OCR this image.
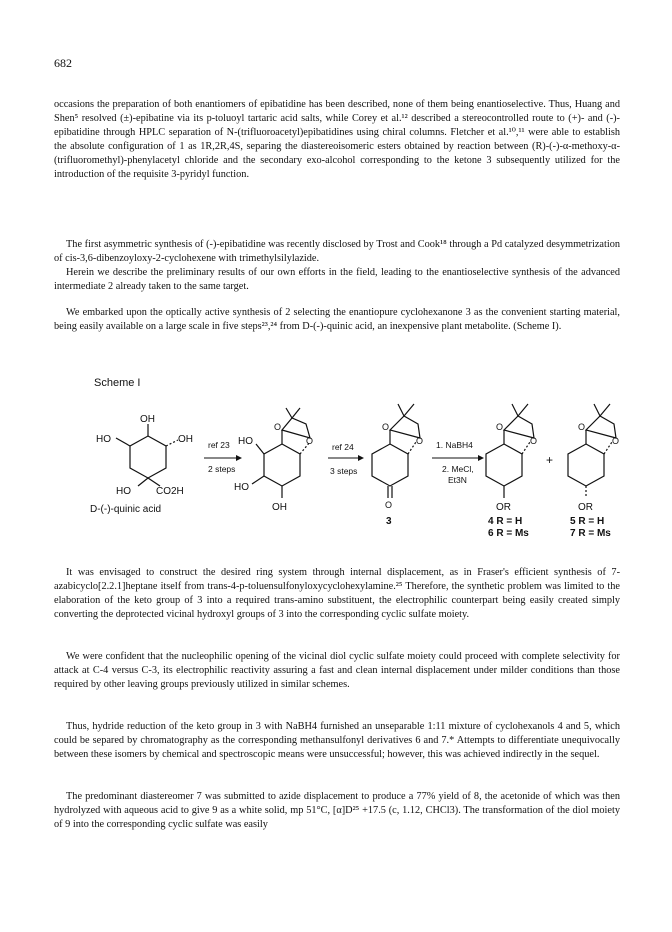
682

occasions the preparation of both enantiomers of epibatidine has been described, none of them being enantioselective. Thus, Huang and Shen⁵ resolved (±)-epibatine via its p-toluoyl tartaric acid salts, while Corey et al.¹² described a stereocontrolled route to (+)- and (-)-epibatidine through HPLC separation of N-(trifluoroacetyl)epibatidines using chiral columns. Fletcher et al.¹⁰,¹¹ were able to establish the absolute configuration of 1 as 1R,2R,4S, separing the diastereoisomeric esters obtained by reaction between (R)-(-)-α-methoxy-α-(trifluoromethyl)-phenylacetyl chloride and the secondary exo-alcohol corresponding to the ketone 3 subsequently utilized for the introduction of the requisite 3-pyridyl function.

The first asymmetric synthesis of (-)-epibatidine was recently disclosed by Trost and Cook¹⁸ through a Pd catalyzed desymmetrization of cis-3,6-dibenzoyloxy-2-cyclohexene with trimethylsilylazide.

Herein we describe the preliminary results of our own efforts in the field, leading to the enantioselective synthesis of the advanced intermediate 2 already taken to the same target.

We embarked upon the optically active synthesis of 2 selecting the enantiopure cyclohexanone 3 as the convenient starting material, being easily available on a large scale in five steps²³,²⁴ from D-(-)-quinic acid, an inexpensive plant metabolite. (Scheme I).

Scheme I
OH
HO	OH
HO	CO2H
D-(-)-quinic acid
ref 23
2 steps
O
O
HO
HO
OH
ref 24
3 steps
O
O
O
3
1. NaBH4
2. MeCl,
Et3N
O
O
OR
4 R = H
6 R = Ms
+
O
O
OR
5 R = H
7 R = Ms

It was envisaged to construct the desired ring system through internal displacement, as in Fraser's efficient synthesis of 7-azabicyclo[2.2.1]heptane itself from trans-4-p-toluensulfonyloxycyclohexylamine.²⁵ Therefore, the synthetic problem was limited to the elaboration of the keto group of 3 into a required trans-amino substituent, the electrophilic counterpart being easily created simply converting the deprotected vicinal hydroxyl groups of 3 into the corresponding cyclic sulfate moiety.

We were confident that the nucleophilic opening of the vicinal diol cyclic sulfate moiety could proceed with complete selectivity for attack at C-4 versus C-3, its electrophilic reactivity assuring a fast and clean internal displacement under milder conditions than those required by other leaving groups previously utilized in similar schemes.

Thus, hydride reduction of the keto group in 3 with NaBH4 furnished an unseparable 1:11 mixture of cyclohexanols 4 and 5, which could be separed by chromatography as the corresponding methansulfonyl derivatives 6 and 7.* Attempts to differentiate unequivocally between these isomers by chemical and spectroscopic means were unsuccessful; however, this was achieved indirectly in the sequel.

The predominant diastereomer 7 was submitted to azide displacement to produce a 77% yield of 8, the acetonide of which was then hydrolyzed with aqueous acid to give 9 as a white solid, mp 51°C, [α]D²⁵ +17.5 (c, 1.12, CHCl3). The transformation of the diol moiety of 9 into the corresponding cyclic sulfate was easily
